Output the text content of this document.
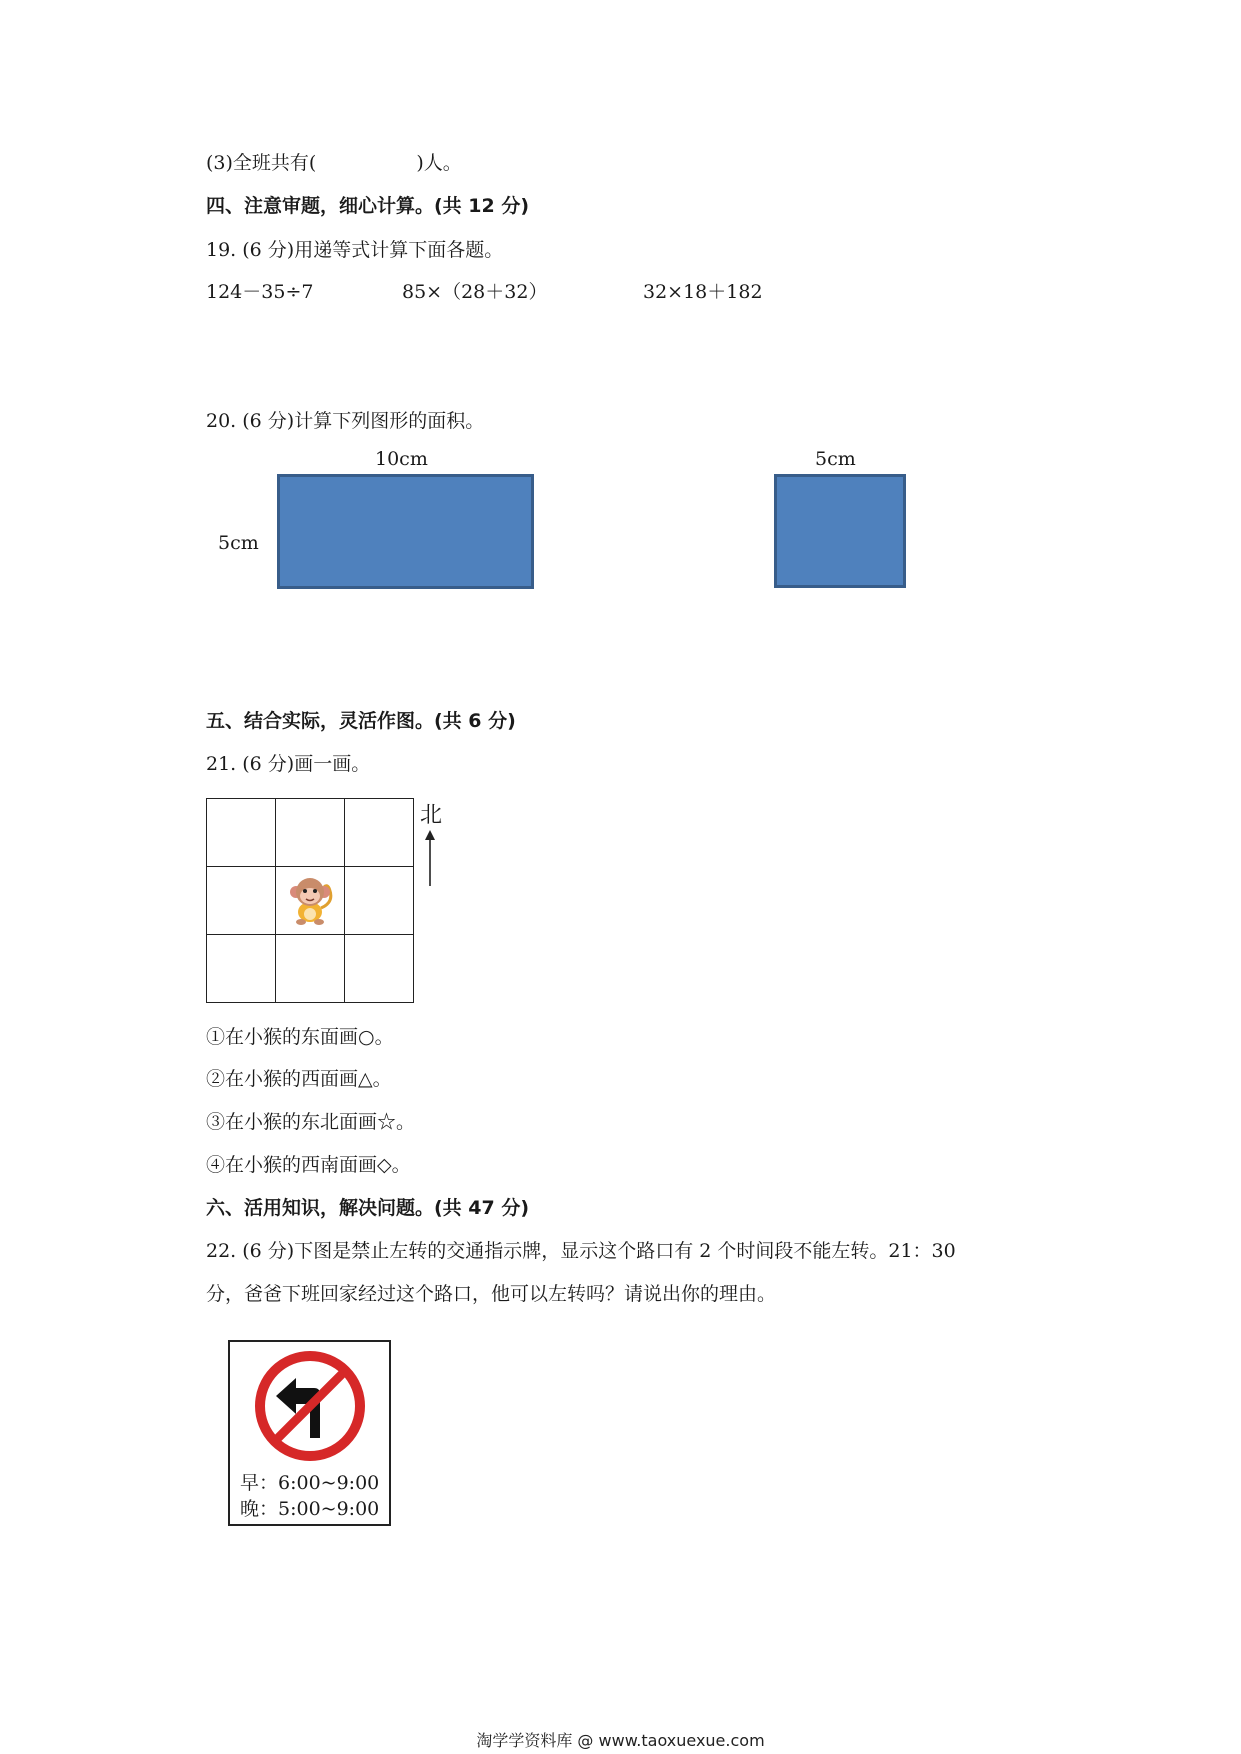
(3)全班共有(	)人。
四、注意审题，细心计算。(共 12 分)
19. (6 分)用递等式计算下面各题。
124－35÷7	85×（28＋32）	32×18＋182
20. (6 分)计算下列图形的面积。
10cm
5cm
5cm
五、结合实际，灵活作图。(共 6 分)
21. (6 分)画一画。

北
①在小猴的东面画○。
②在小猴的西面画△。
③在小猴的东北面画☆。
④在小猴的西南面画◇。
六、活用知识，解决问题。(共 47 分)
22. (6 分)下图是禁止左转的交通指示牌，显示这个路口有 2 个时间段不能左转。21：30
分，爸爸下班回家经过这个路口，他可以左转吗？请说出你的理由。
早：6:00~9:00
晚：5:00~9:00
淘学学资料库 @ www.taoxuexue.com
